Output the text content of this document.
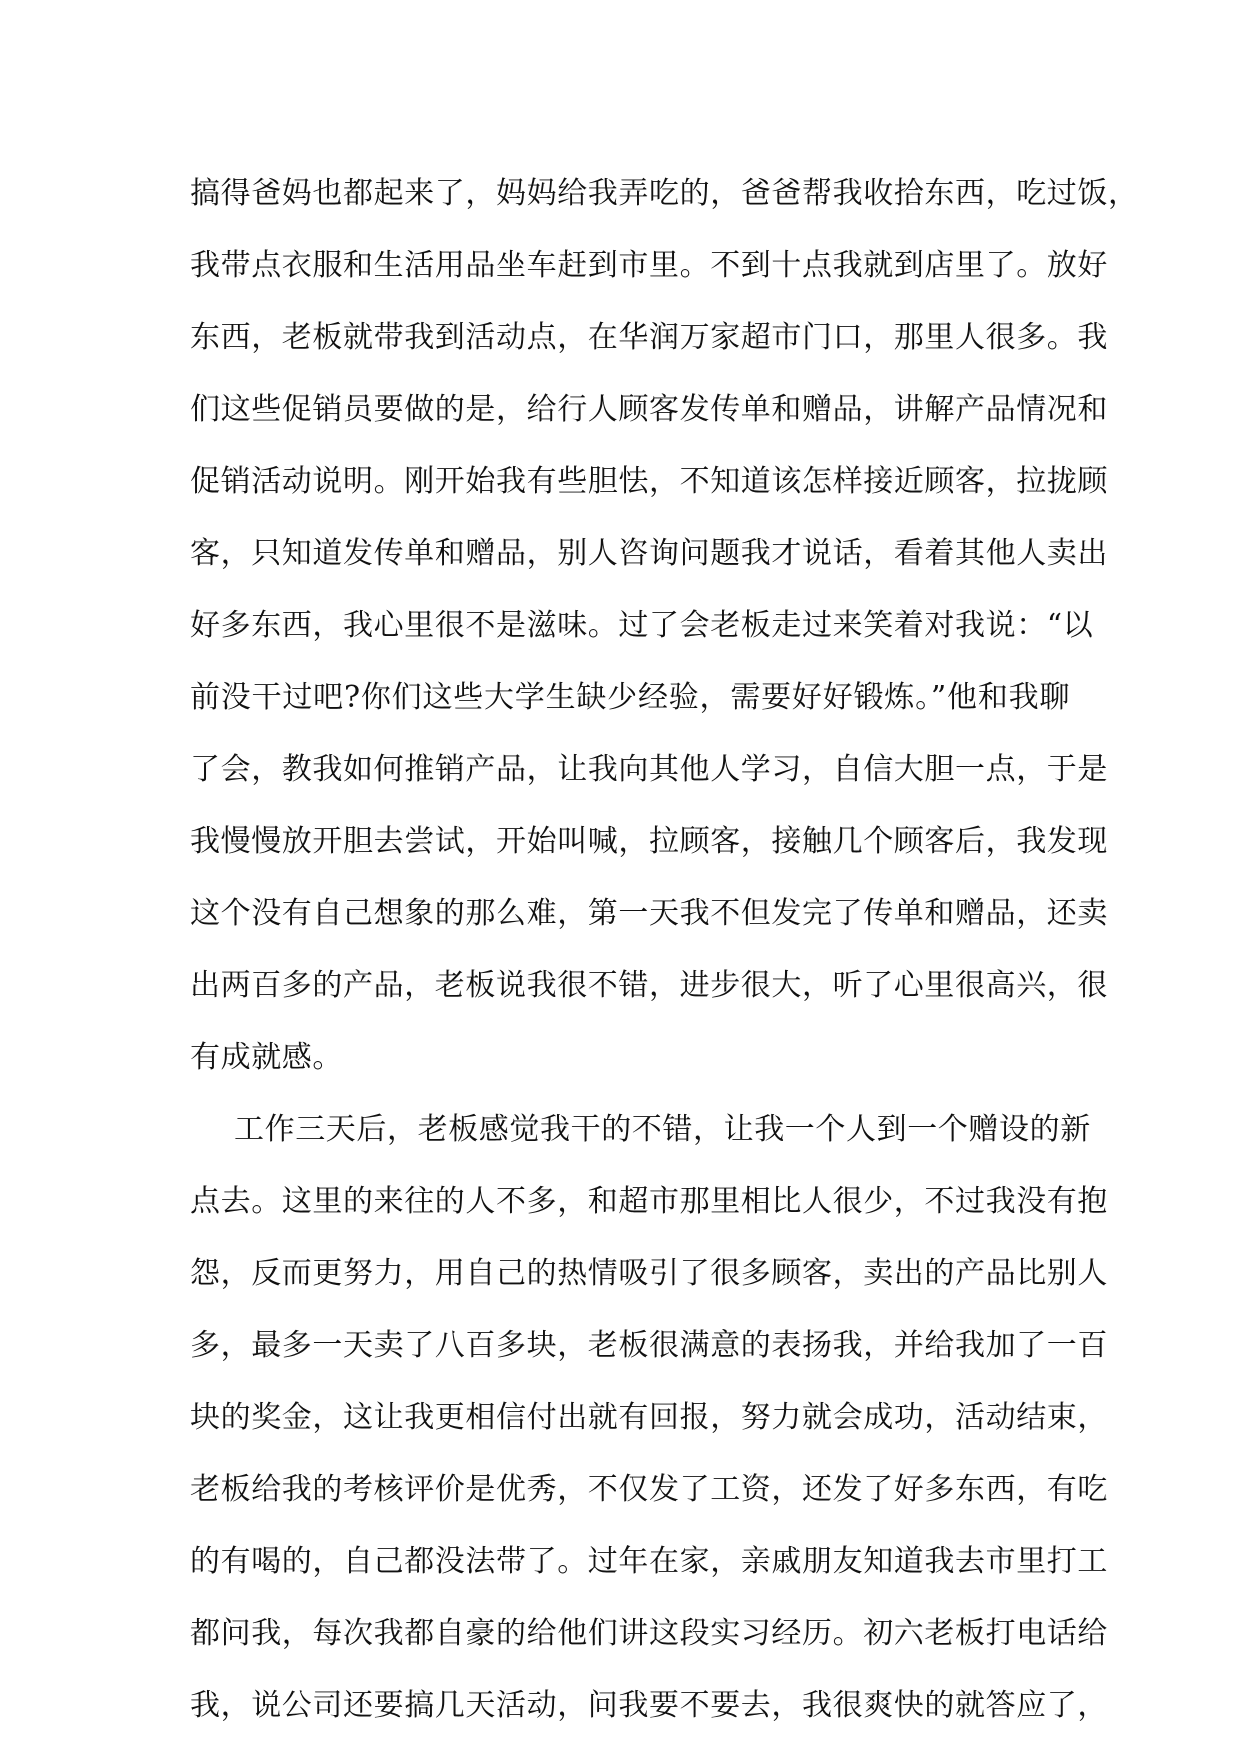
搞得爸妈也都起来了，妈妈给我弄吃的，爸爸帮我收拾东西，吃过饭，
我带点衣服和生活用品坐车赶到市里。不到十点我就到店里了。放好
东西，老板就带我到活动点，在华润万家超市门口，那里人很多。我
们这些促销员要做的是，给行人顾客发传单和赠品，讲解产品情况和
促销活动说明。刚开始我有些胆怯，不知道该怎样接近顾客，拉拢顾
客，只知道发传单和赠品，别人咨询问题我才说话，看着其他人卖出
好多东西，我心里很不是滋味。过了会老板走过来笑着对我说：“以
前没干过吧?你们这些大学生缺少经验，需要好好锻炼。”他和我聊
了会，教我如何推销产品，让我向其他人学习，自信大胆一点，于是
我慢慢放开胆去尝试，开始叫喊，拉顾客，接触几个顾客后，我发现
这个没有自己想象的那么难，第一天我不但发完了传单和赠品，还卖
出两百多的产品，老板说我很不错，进步很大，听了心里很高兴，很
有成就感。
工作三天后，老板感觉我干的不错，让我一个人到一个赠设的新
点去。这里的来往的人不多，和超市那里相比人很少，不过我没有抱
怨，反而更努力，用自己的热情吸引了很多顾客，卖出的产品比别人
多，最多一天卖了八百多块，老板很满意的表扬我，并给我加了一百
块的奖金，这让我更相信付出就有回报，努力就会成功，活动结束，
老板给我的考核评价是优秀，不仅发了工资，还发了好多东西，有吃
的有喝的，自己都没法带了。过年在家，亲戚朋友知道我去市里打工
都问我，每次我都自豪的给他们讲这段实习经历。初六老板打电话给
我，说公司还要搞几天活动，问我要不要去，我很爽快的就答应了，
